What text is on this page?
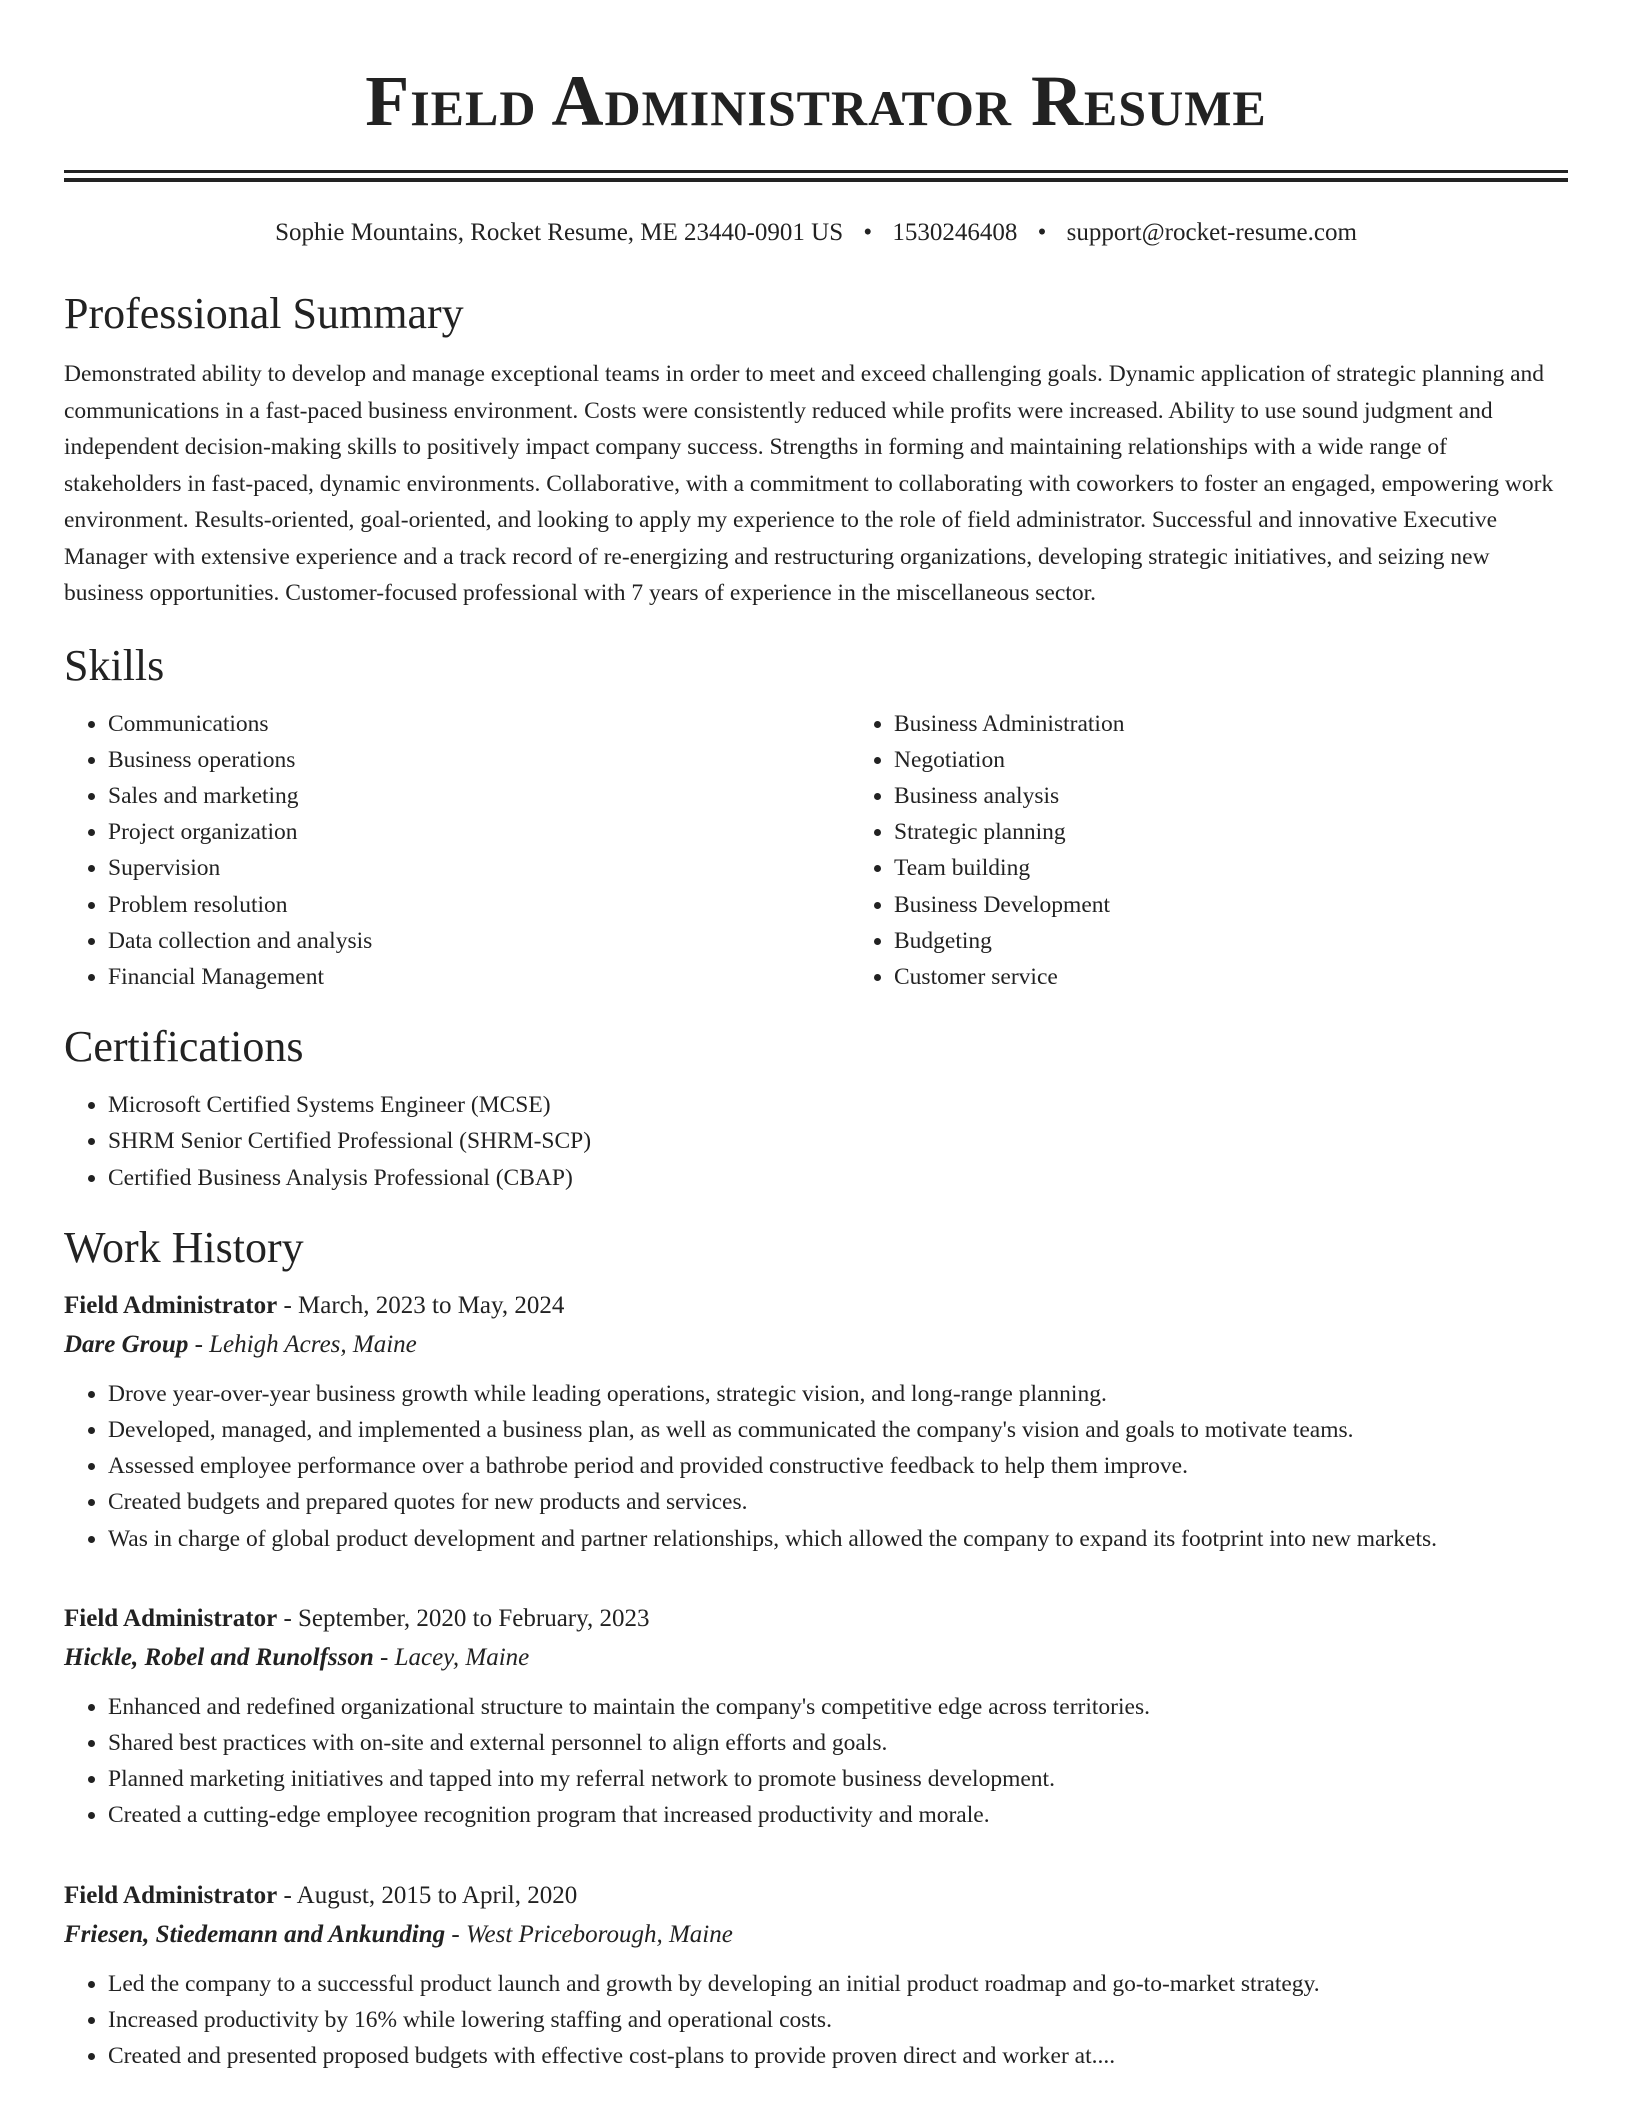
Field Administrator Resume
Sophie Mountains, Rocket Resume, ME 23440-0901 US • 1530246408 • support@rocket-resume.com
Professional Summary

Demonstrated ability to develop and manage exceptional teams in order to meet and exceed challenging goals. Dynamic application of strategic planning and communications in a fast-paced business environment. Costs were consistently reduced while profits were increased. Ability to use sound judgment and independent decision-making skills to positively impact company success. Strengths in forming and maintaining relationships with a wide range of stakeholders in fast-paced, dynamic environments. Collaborative, with a commitment to collaborating with coworkers to foster an engaged, empowering work environment. Results-oriented, goal-oriented, and looking to apply my experience to the role of field administrator. Successful and innovative Executive Manager with extensive experience and a track record of re-energizing and restructuring organizations, developing strategic initiatives, and seizing new business opportunities. Customer-focused professional with 7 years of experience in the miscellaneous sector.

Skills
• Communications
• Business operations
• Sales and marketing
• Project organization
• Supervision
• Problem resolution
• Data collection and analysis
• Financial Management
• Business Administration
• Negotiation
• Business analysis
• Strategic planning
• Team building
• Business Development
• Budgeting
• Customer service
Certifications
• Microsoft Certified Systems Engineer (MCSE)
• SHRM Senior Certified Professional (SHRM-SCP)
• Certified Business Analysis Professional (CBAP)
Work History
Field Administrator - March, 2023 to May, 2024
Dare Group - Lehigh Acres, Maine
• Drove year-over-year business growth while leading operations, strategic vision, and long-range planning.
• Developed, managed, and implemented a business plan, as well as communicated the company's vision and goals to motivate teams.
• Assessed employee performance over a bathrobe period and provided constructive feedback to help them improve.
• Created budgets and prepared quotes for new products and services.
• Was in charge of global product development and partner relationships, which allowed the company to expand its footprint into new markets.
Field Administrator - September, 2020 to February, 2023
Hickle, Robel and Runolfsson - Lacey, Maine
• Enhanced and redefined organizational structure to maintain the company's competitive edge across territories.
• Shared best practices with on-site and external personnel to align efforts and goals.
• Planned marketing initiatives and tapped into my referral network to promote business development.
• Created a cutting-edge employee recognition program that increased productivity and morale.
Field Administrator - August, 2015 to April, 2020
Friesen, Stiedemann and Ankunding - West Priceborough, Maine
• Led the company to a successful product launch and growth by developing an initial product roadmap and go-to-market strategy.
• Increased productivity by 16% while lowering staffing and operational costs.
• Created and presented proposed budgets with effective cost-plans to provide proven direct and worker at....
